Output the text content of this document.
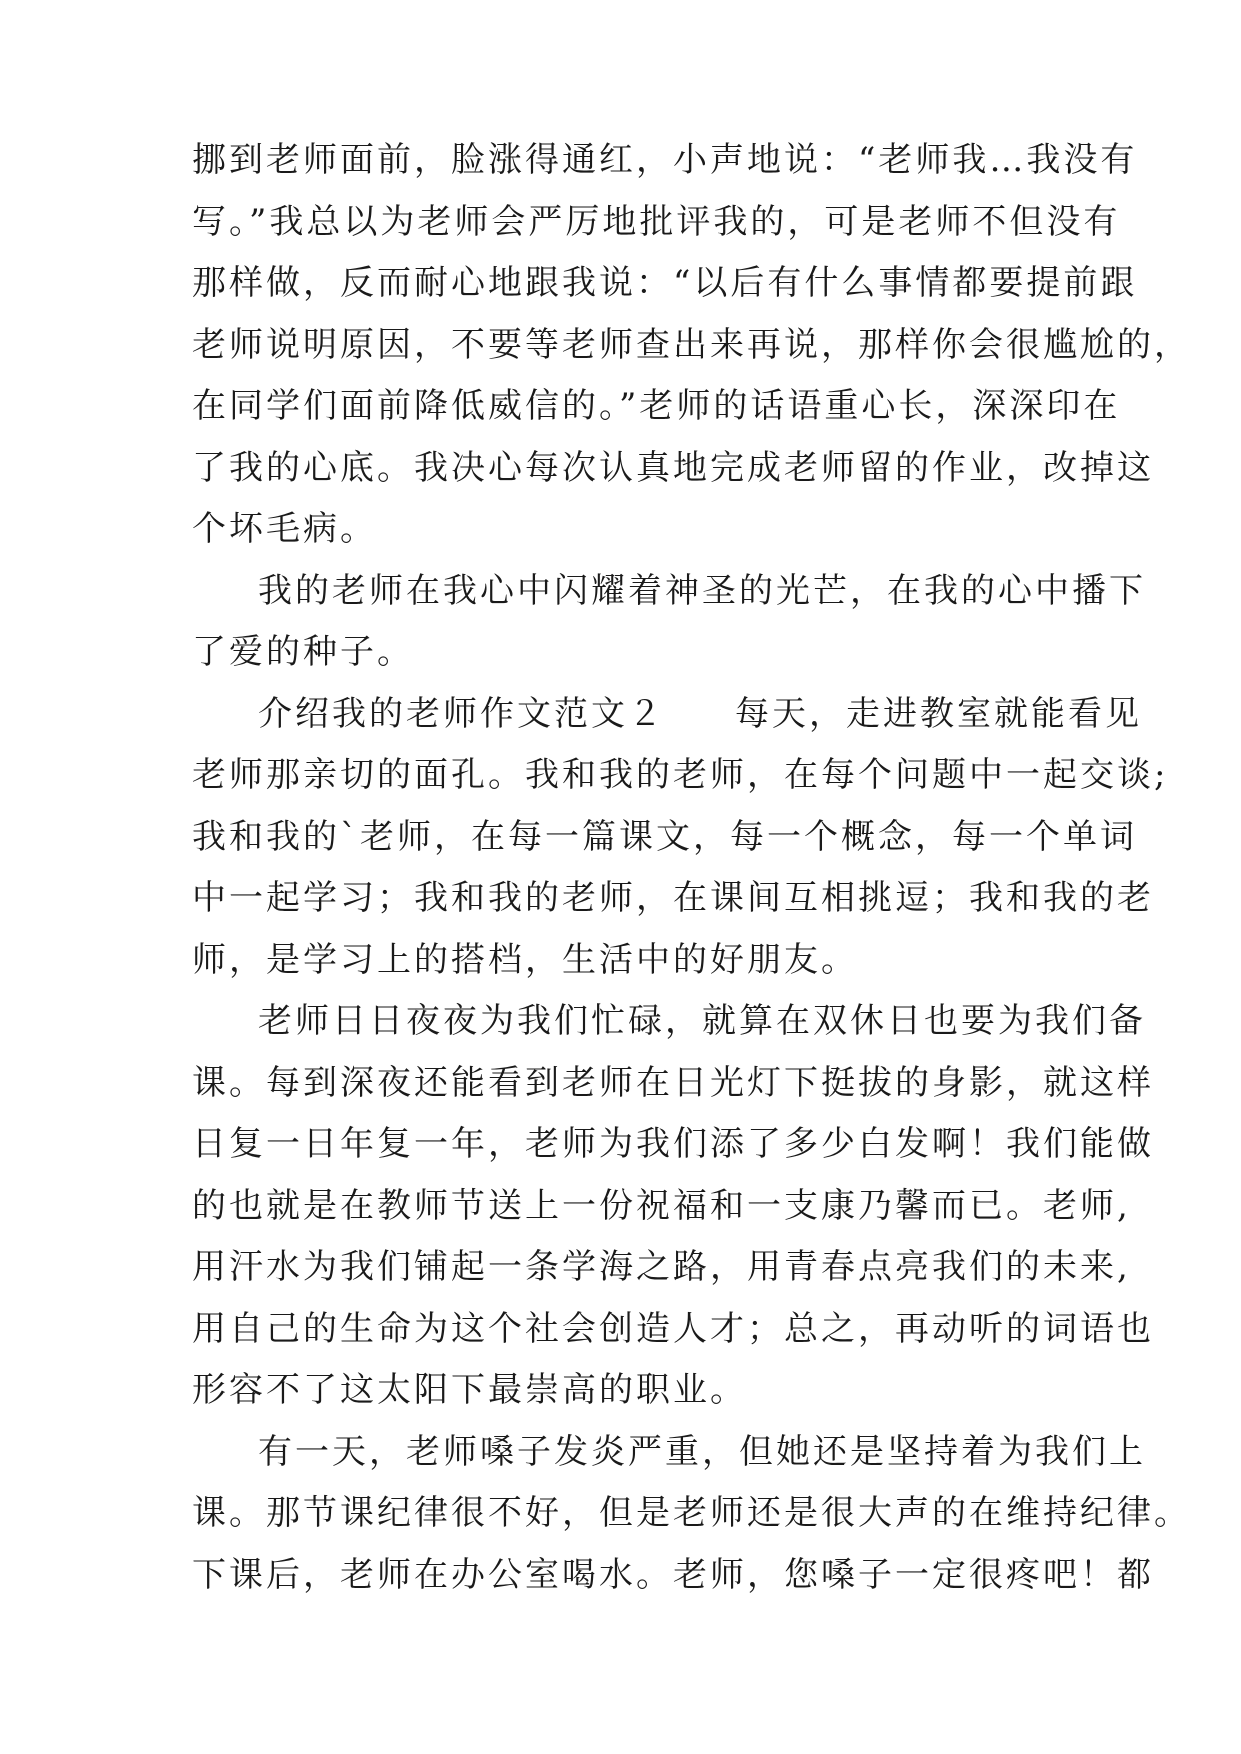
挪到老师面前，脸涨得通红，小声地说：“老师我…我没有
写。”我总以为老师会严厉地批评我的，可是老师不但没有
那样做，反而耐心地跟我说：“以后有什么事情都要提前跟
老师说明原因，不要等老师查出来再说，那样你会很尴尬的，
在同学们面前降低威信的。”老师的话语重心长，深深印在
了我的心底。我决心每次认真地完成老师留的作业，改掉这
个坏毛病。
我的老师在我心中闪耀着神圣的光芒，在我的心中播下
了爱的种子。
介绍我的老师作文范文２ 每天，走进教室就能看见
老师那亲切的面孔。我和我的老师，在每个问题中一起交谈;
我和我的`老师，在每一篇课文，每一个概念，每一个单词
中一起学习；我和我的老师，在课间互相挑逗；我和我的老
师，是学习上的搭档，生活中的好朋友。
老师日日夜夜为我们忙碌，就算在双休日也要为我们备
课。每到深夜还能看到老师在日光灯下挺拔的身影，就这样
日复一日年复一年，老师为我们添了多少白发啊！我们能做
的也就是在教师节送上一份祝福和一支康乃馨而已。老师,
用汗水为我们铺起一条学海之路，用青春点亮我们的未来,
用自己的生命为这个社会创造人才；总之，再动听的词语也
形容不了这太阳下最崇高的职业。
有一天，老师嗓子发炎严重，但她还是坚持着为我们上
课。那节课纪律很不好，但是老师还是很大声的在维持纪律。
下课后，老师在办公室喝水。老师，您嗓子一定很疼吧！都
